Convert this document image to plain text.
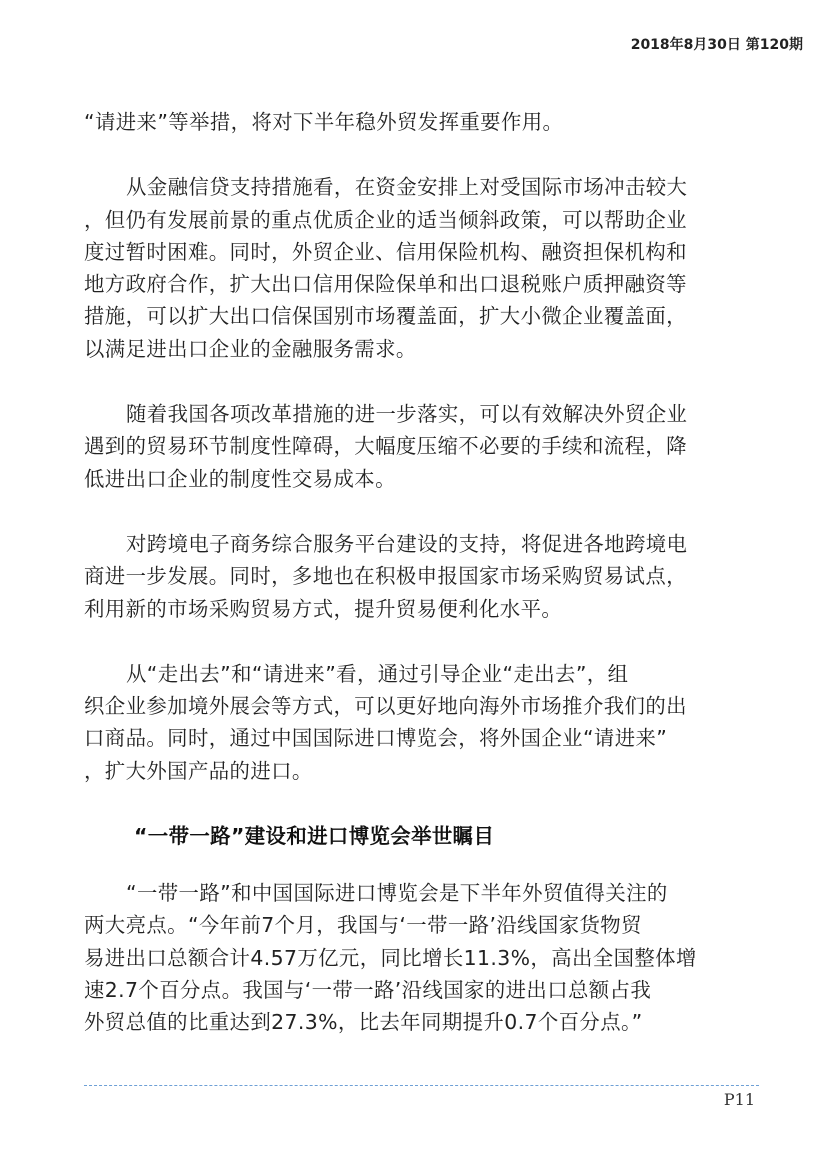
2018年8月30日 第120期

“请进来”等举措，将对下半年稳外贸发挥重要作用。

从金融信贷支持措施看，在资金安排上对受国际市场冲击较大
，但仍有发展前景的重点优质企业的适当倾斜政策，可以帮助企业
度过暂时困难。同时，外贸企业、信用保险机构、融资担保机构和
地方政府合作，扩大出口信用保险保单和出口退税账户质押融资等
措施，可以扩大出口信保国别市场覆盖面，扩大小微企业覆盖面，
以满足进出口企业的金融服务需求。

随着我国各项改革措施的进一步落实，可以有效解决外贸企业
遇到的贸易环节制度性障碍，大幅度压缩不必要的手续和流程，降
低进出口企业的制度性交易成本。

对跨境电子商务综合服务平台建设的支持，将促进各地跨境电
商进一步发展。同时，多地也在积极申报国家市场采购贸易试点，
利用新的市场采购贸易方式，提升贸易便利化水平。

从“走出去”和“请进来”看，通过引导企业“走出去”，组
织企业参加境外展会等方式，可以更好地向海外市场推介我们的出
口商品。同时，通过中国国际进口博览会，将外国企业“请进来”
，扩大外国产品的进口。

“一带一路”建设和进口博览会举世瞩目

“一带一路”和中国国际进口博览会是下半年外贸值得关注的
两大亮点。“今年前7个月，我国与‘一带一路’沿线国家货物贸
易进出口总额合计4.57万亿元，同比增长11.3%，高出全国整体增
速2.7个百分点。我国与‘一带一路’沿线国家的进出口总额占我
外贸总值的比重达到27.3%，比去年同期提升0.7个百分点。”

P11
